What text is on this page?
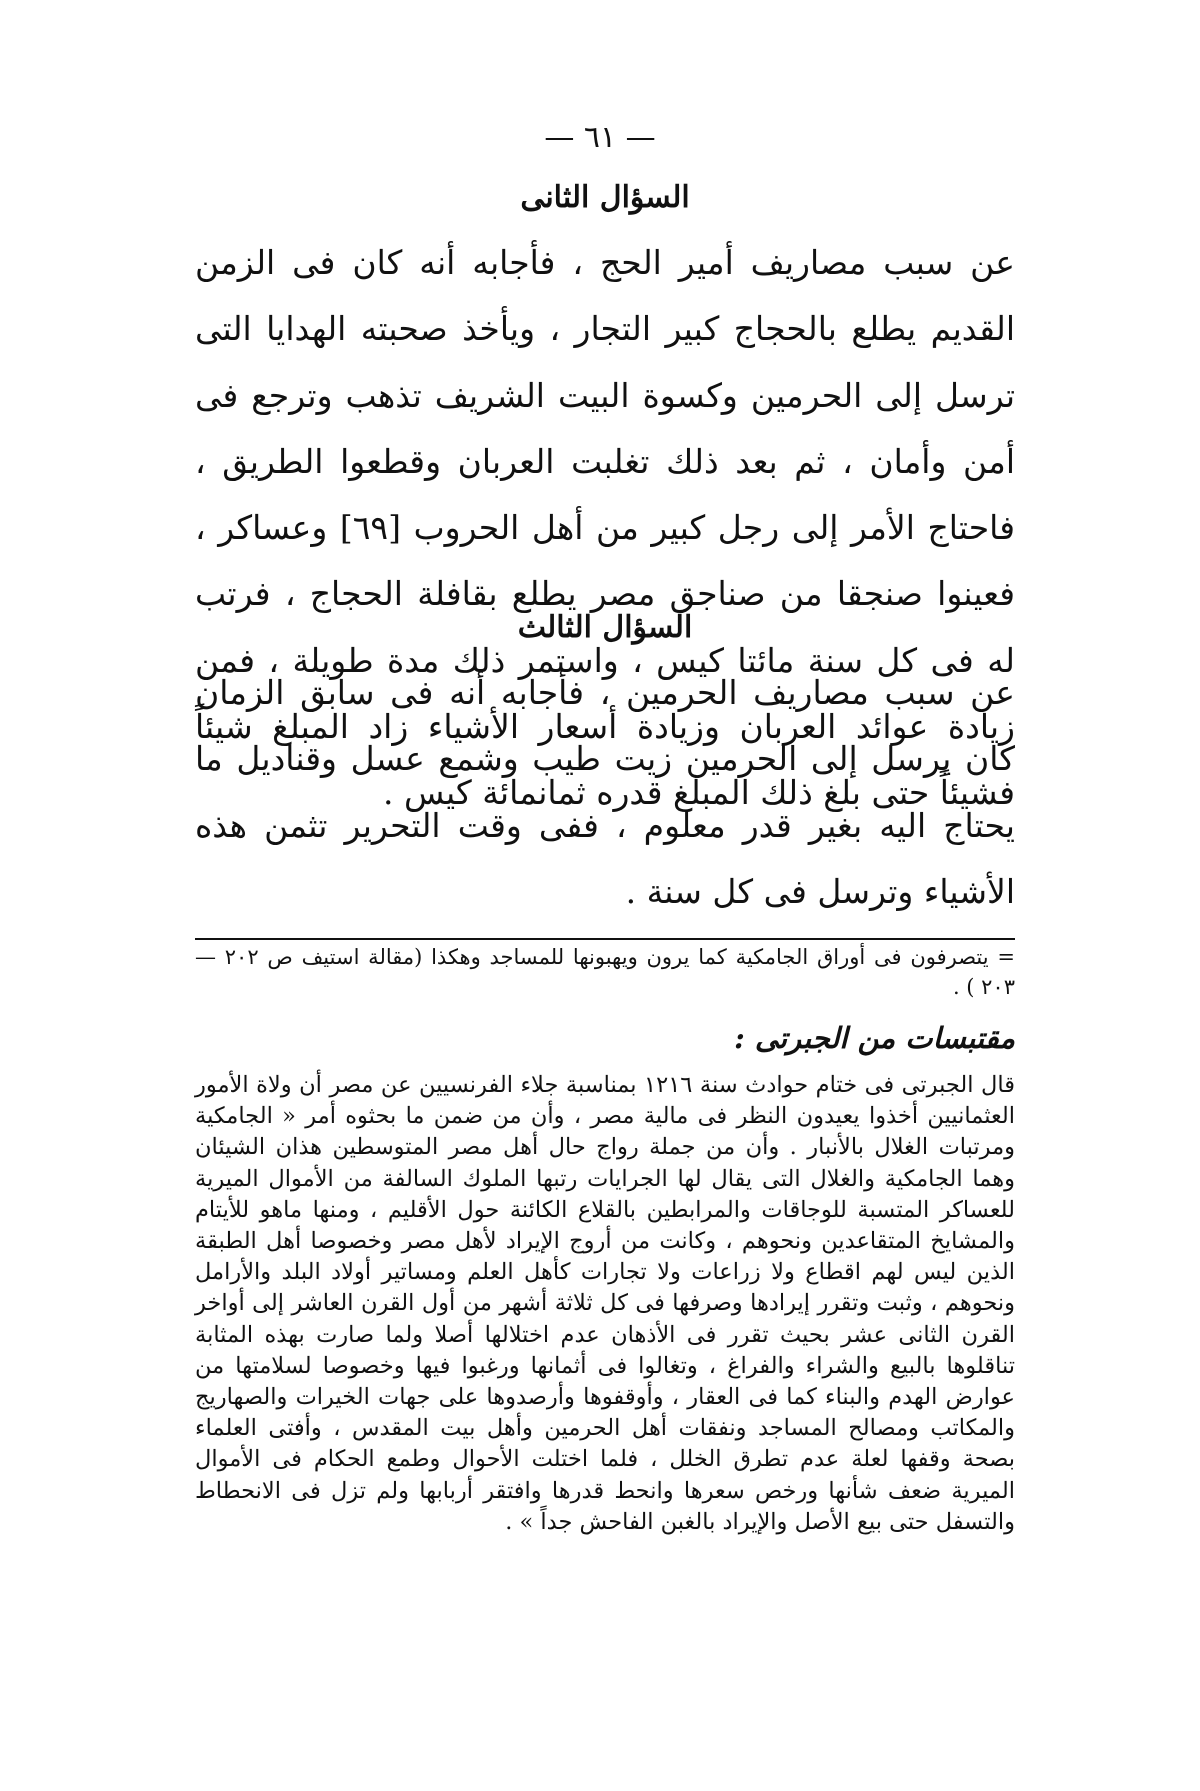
— ٦١ —
السؤال الثانى

عن سبب مصاريف أمير الحج ، فأجابه أنه كان فى الزمن القديم يطلع بالحجاج كبير التجار ، ويأخذ صحبته الهدايا التى ترسل إلى الحرمين وكسوة البيت الشريف تذهب وترجع فى أمن وأمان ، ثم بعد ذلك تغلبت العربان وقطعوا الطريق ، فاحتاج الأمر إلى رجل كبير من أهل الحروب [٦٩] وعساكر ، فعينوا صنجقا من صناجق مصر يطلع بقافلة الحجاج ، فرتب له فى كل سنة مائتا كيس ، واستمر ذلك مدة طويلة ، فمن زيادة عوائد العربان وزيادة أسعار الأشياء زاد المبلغ شيئاً فشيئاً حتى بلغ ذلك المبلغ قدره ثمانمائة كيس .

السؤال الثالث

عن سبب مصاريف الحرمين ، فأجابه أنه فى سابق الزمان كان يرسل إلى الحرمين زيت طيب وشمع عسل وقناديل ما يحتاج اليه بغير قدر معلوم ، ففى وقت التحرير تثمن هذه الأشياء وترسل فى كل سنة .

= يتصرفون فى أوراق الجامكية كما يرون ويهبونها للمساجد وهكذا (مقالة استيف ص ٢٠٢ — ٢٠٣ ) .
مقتبسات من الجبرتى :
قال الجبرتى فى ختام حوادث سنة ١٢١٦ بمناسبة جلاء الفرنسيين عن مصر أن ولاة الأمور العثمانيين أخذوا يعيدون النظر فى مالية مصر ، وأن من ضمن ما بحثوه أمر « الجامكية ومرتبات الغلال بالأنبار . وأن من جملة رواج حال أهل مصر المتوسطين هذان الشيئان وهما الجامكية والغلال التى يقال لها الجرايات رتبها الملوك السالفة من الأموال الميرية للعساكر المتسبة للوجاقات والمرابطين بالقلاع الكائنة حول الأقليم ، ومنها ماهو للأيتام والمشايخ المتقاعدين ونحوهم ، وكانت من أروج الإيراد لأهل مصر وخصوصا أهل الطبقة الذين ليس لهم اقطاع ولا زراعات ولا تجارات كأهل العلم ومساتير أولاد البلد والأرامل ونحوهم ، وثبت وتقرر إيرادها وصرفها فى كل ثلاثة أشهر من أول القرن العاشر إلى أواخر القرن الثانى عشر بحيث تقرر فى الأذهان عدم اختلالها أصلا ولما صارت بهذه المثابة تناقلوها بالبيع والشراء والفراغ ، وتغالوا فى أثمانها ورغبوا فيها وخصوصا لسلامتها من عوارض الهدم والبناء كما فى العقار ، وأوقفوها وأرصدوها على جهات الخيرات والصهاريج والمكاتب ومصالح المساجد ونفقات أهل الحرمين وأهل بيت المقدس ، وأفتى العلماء بصحة وقفها لعلة عدم تطرق الخلل ، فلما اختلت الأحوال وطمع الحكام فى الأموال الميرية ضعف شأنها ورخص سعرها وانحط قدرها وافتقر أربابها ولم تزل فى الانحطاط والتسفل حتى بيع الأصل والإيراد بالغبن الفاحش جداً » .
